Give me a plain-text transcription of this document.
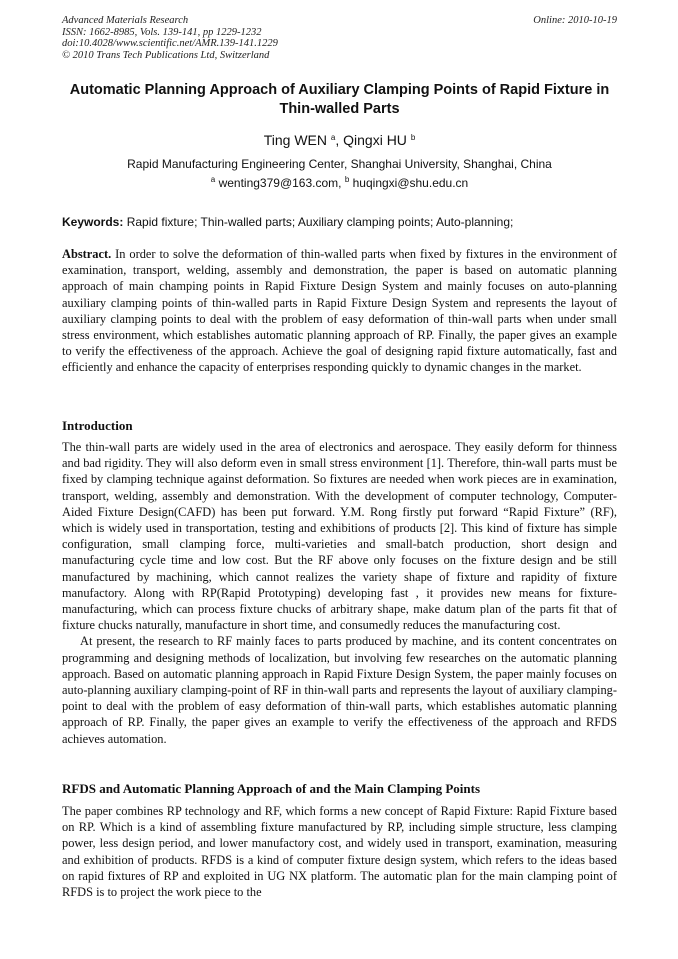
Advanced Materials Research
ISSN: 1662-8985, Vols. 139-141, pp 1229-1232
doi:10.4028/www.scientific.net/AMR.139-141.1229
© 2010 Trans Tech Publications Ltd, Switzerland
Online: 2010-10-19
Automatic Planning Approach of Auxiliary Clamping Points of Rapid Fixture in Thin-walled Parts
Ting WEN $^a$, Qingxi HU $^b$
Rapid Manufacturing Engineering Center, Shanghai University, Shanghai, China
$^a$ wenting379@163.com, $^b$ huqingxi@shu.edu.cn
Keywords: Rapid fixture; Thin-walled parts; Auxiliary clamping points; Auto-planning;
Abstract. In order to solve the deformation of thin-walled parts when fixed by fixtures in the environment of examination, transport, welding, assembly and demonstration, the paper is based on automatic planning approach of main champing points in Rapid Fixture Design System and mainly focuses on auto-planning auxiliary clamping points of thin-walled parts in Rapid Fixture Design System and represents the layout of auxiliary clamping points to deal with the problem of easy deformation of thin-wall parts when under small stress environment, which establishes automatic planning approach of RP. Finally, the paper gives an example to verify the effectiveness of the approach. Achieve the goal of designing rapid fixture automatically, fast and efficiently and enhance the capacity of enterprises responding quickly to dynamic changes in the market.
Introduction

The thin-wall parts are widely used in the area of electronics and aerospace. They easily deform for thinness and bad rigidity. They will also deform even in small stress environment [1]. Therefore, thin-wall parts must be fixed by clamping technique against deformation. So fixtures are needed when work pieces are in examination, transport, welding, assembly and demonstration. With the development of computer technology, Computer-Aided Fixture Design(CAFD) has been put forward. Y.M. Rong firstly put forward “Rapid Fixture” (RF), which is widely used in transportation, testing and exhibitions of products [2]. This kind of fixture has simple configuration, small clamping force, multi-varieties and small-batch production, short design and manufacturing cycle time and low cost. But the RF above only focuses on the fixture design and be still manufactured by machining, which cannot realizes the variety shape of fixture and rapidity of fixture manufactory. Along with RP(Rapid Prototyping) developing fast , it provides new means for fixture-manufacturing, which can process fixture chucks of arbitrary shape, make datum plan of the parts fit that of fixture chucks naturally, manufacture in short time, and consumedly reduces the manufacturing cost.

At present, the research to RF mainly faces to parts produced by machine, and its content concentrates on programming and designing methods of localization, but involving few researches on the automatic planning approach. Based on automatic planning approach in Rapid Fixture Design System, the paper mainly focuses on auto-planning auxiliary clamping-point of RF in thin-wall parts and represents the layout of auxiliary clamping-point to deal with the problem of easy deformation of thin-wall parts, which establishes automatic planning approach of RP. Finally, the paper gives an example to verify the effectiveness of the approach and RFDS achieves automation.

RFDS and Automatic Planning Approach of and the Main Clamping Points

The paper combines RP technology and RF, which forms a new concept of Rapid Fixture: Rapid Fixture based on RP. Which is a kind of assembling fixture manufactured by RP, including simple structure, less clamping power, less design period, and lower manufactory cost, and widely used in transport, examination, measuring and exhibition of products. RFDS is a kind of computer fixture design system, which refers to the ideas based on rapid fixtures of RP and exploited in UG NX platform. The automatic plan for the main clamping point of RFDS is to project the work piece to the
